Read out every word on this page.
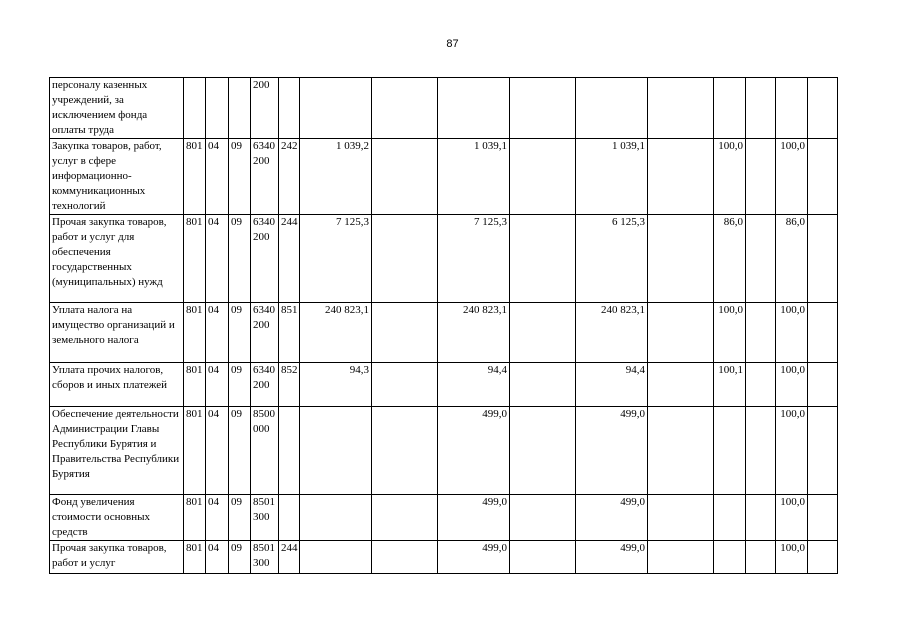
87
персоналу казенных учреждений, за исключением фонда оплаты труда				200											
Закупка товаров, работ, услуг в сфере информационно-коммуникационных технологий	801	04	09	6340 200	242	1 039,2		1 039,1		1 039,1		100,0		100,0	
Прочая закупка товаров, работ и услуг для обеспечения государственных (муниципальных) нужд	801	04	09	6340 200	244	7 125,3		7 125,3		6 125,3		86,0		86,0	
Уплата налога на имущество организаций и земельного налога	801	04	09	6340 200	851	240 823,1		240 823,1		240 823,1		100,0		100,0	
Уплата прочих налогов, сборов и иных платежей	801	04	09	6340 200	852	94,3		94,4		94,4		100,1		100,0	
Обеспечение деятельности Администрации Главы Республики Бурятия и Правительства Республики Бурятия	801	04	09	8500 000				499,0		499,0				100,0	
Фонд увеличения стоимости основных средств	801	04	09	8501 300				499,0		499,0				100,0	
Прочая закупка товаров, работ и услуг	801	04	09	8501 300	244			499,0		499,0				100,0	
